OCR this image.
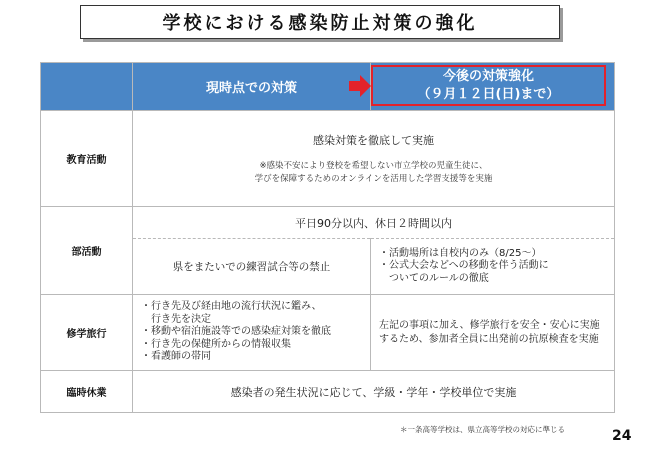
学校における感染防止対策の強化
	現時点での対策	今後の対策強化
（９月１２日(日)まで）

教育活動	感染対策を徹底して実施
※感染不安により登校を希望しない市立学校の児童生徒に、
学びを保障するためのオンラインを活用した学習支援等を実施	

部活動	平日90分以内、休日２時間以内	
	県をまたいでの練習試合等の禁止	・活動場所は自校内のみ（8/25～）
・公式大会などへの移動を伴う活動に
　ついてのルールの徹底

修学旅行	・行き先及び経由地の流行状況に鑑み、
　行き先を決定
・移動や宿泊施設等での感染症対策を徹底
・行き先の保健所からの情報収集
・看護師の帯同	左記の事項に加え、修学旅行を安全・安心に実施するため、参加者全員に出発前の抗原検査を実施
臨時休業	感染者の発生状況に応じて、学級・学年・学校単位で実施	
＊一条高等学校は、県立高等学校の対応に準じる	24
